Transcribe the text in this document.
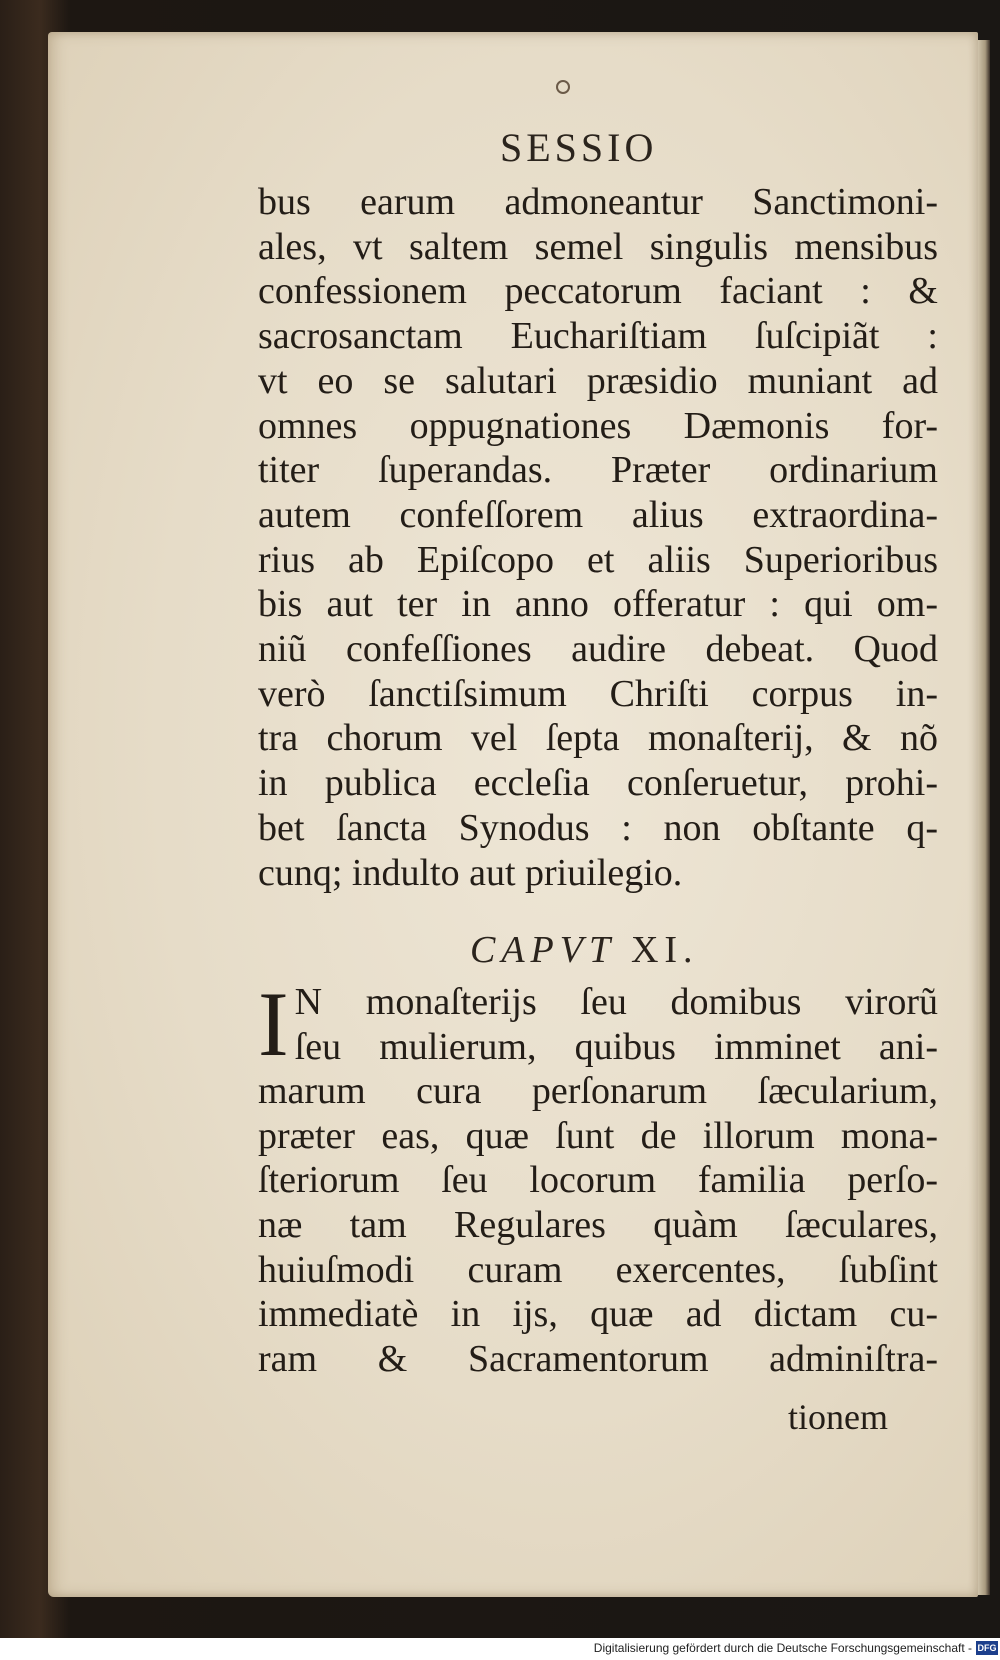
SESSIO
bus earum admoneantur Sanctimoni-
ales, vt saltem semel singulis mensibus
confessionem peccatorum faciant : &
sacrosanctam Euchariſtiam ſuſcipiãt :
vt eo se salutari præsidio muniant ad
omnes oppugnationes Dæmonis for-
titer ſuperandas. Præter ordinarium
autem confeſſorem alius extraordina-
rius ab Epiſcopo et aliis Superioribus
bis aut ter in anno offeratur : qui om-
niũ confeſſiones audire debeat. Quod
verò ſanctiſsimum Chriſti corpus in-
tra chorum vel ſepta monaſterij, & nõ
in publica eccleſia conſeruetur, prohi-
bet ſancta Synodus : non obſtante q-
cunq; indulto aut priuilegio.
CAPVT XI.
I N monaſterijs ſeu domibus virorũ
ſeu mulierum, quibus imminet ani-
marum cura perſonarum ſæcularium,
præter eas, quæ ſunt de illorum mona-
ſteriorum ſeu locorum familia perſo-
næ tam Regulares quàm ſæculares,
huiuſmodi curam exercentes, ſubſint
immediatè in ijs, quæ ad dictam cu-
ram & Sacramentorum adminiſtra-
tionem
Digitalisierung gefördert durch die Deutsche Forschungsgemeinschaft - DFG
